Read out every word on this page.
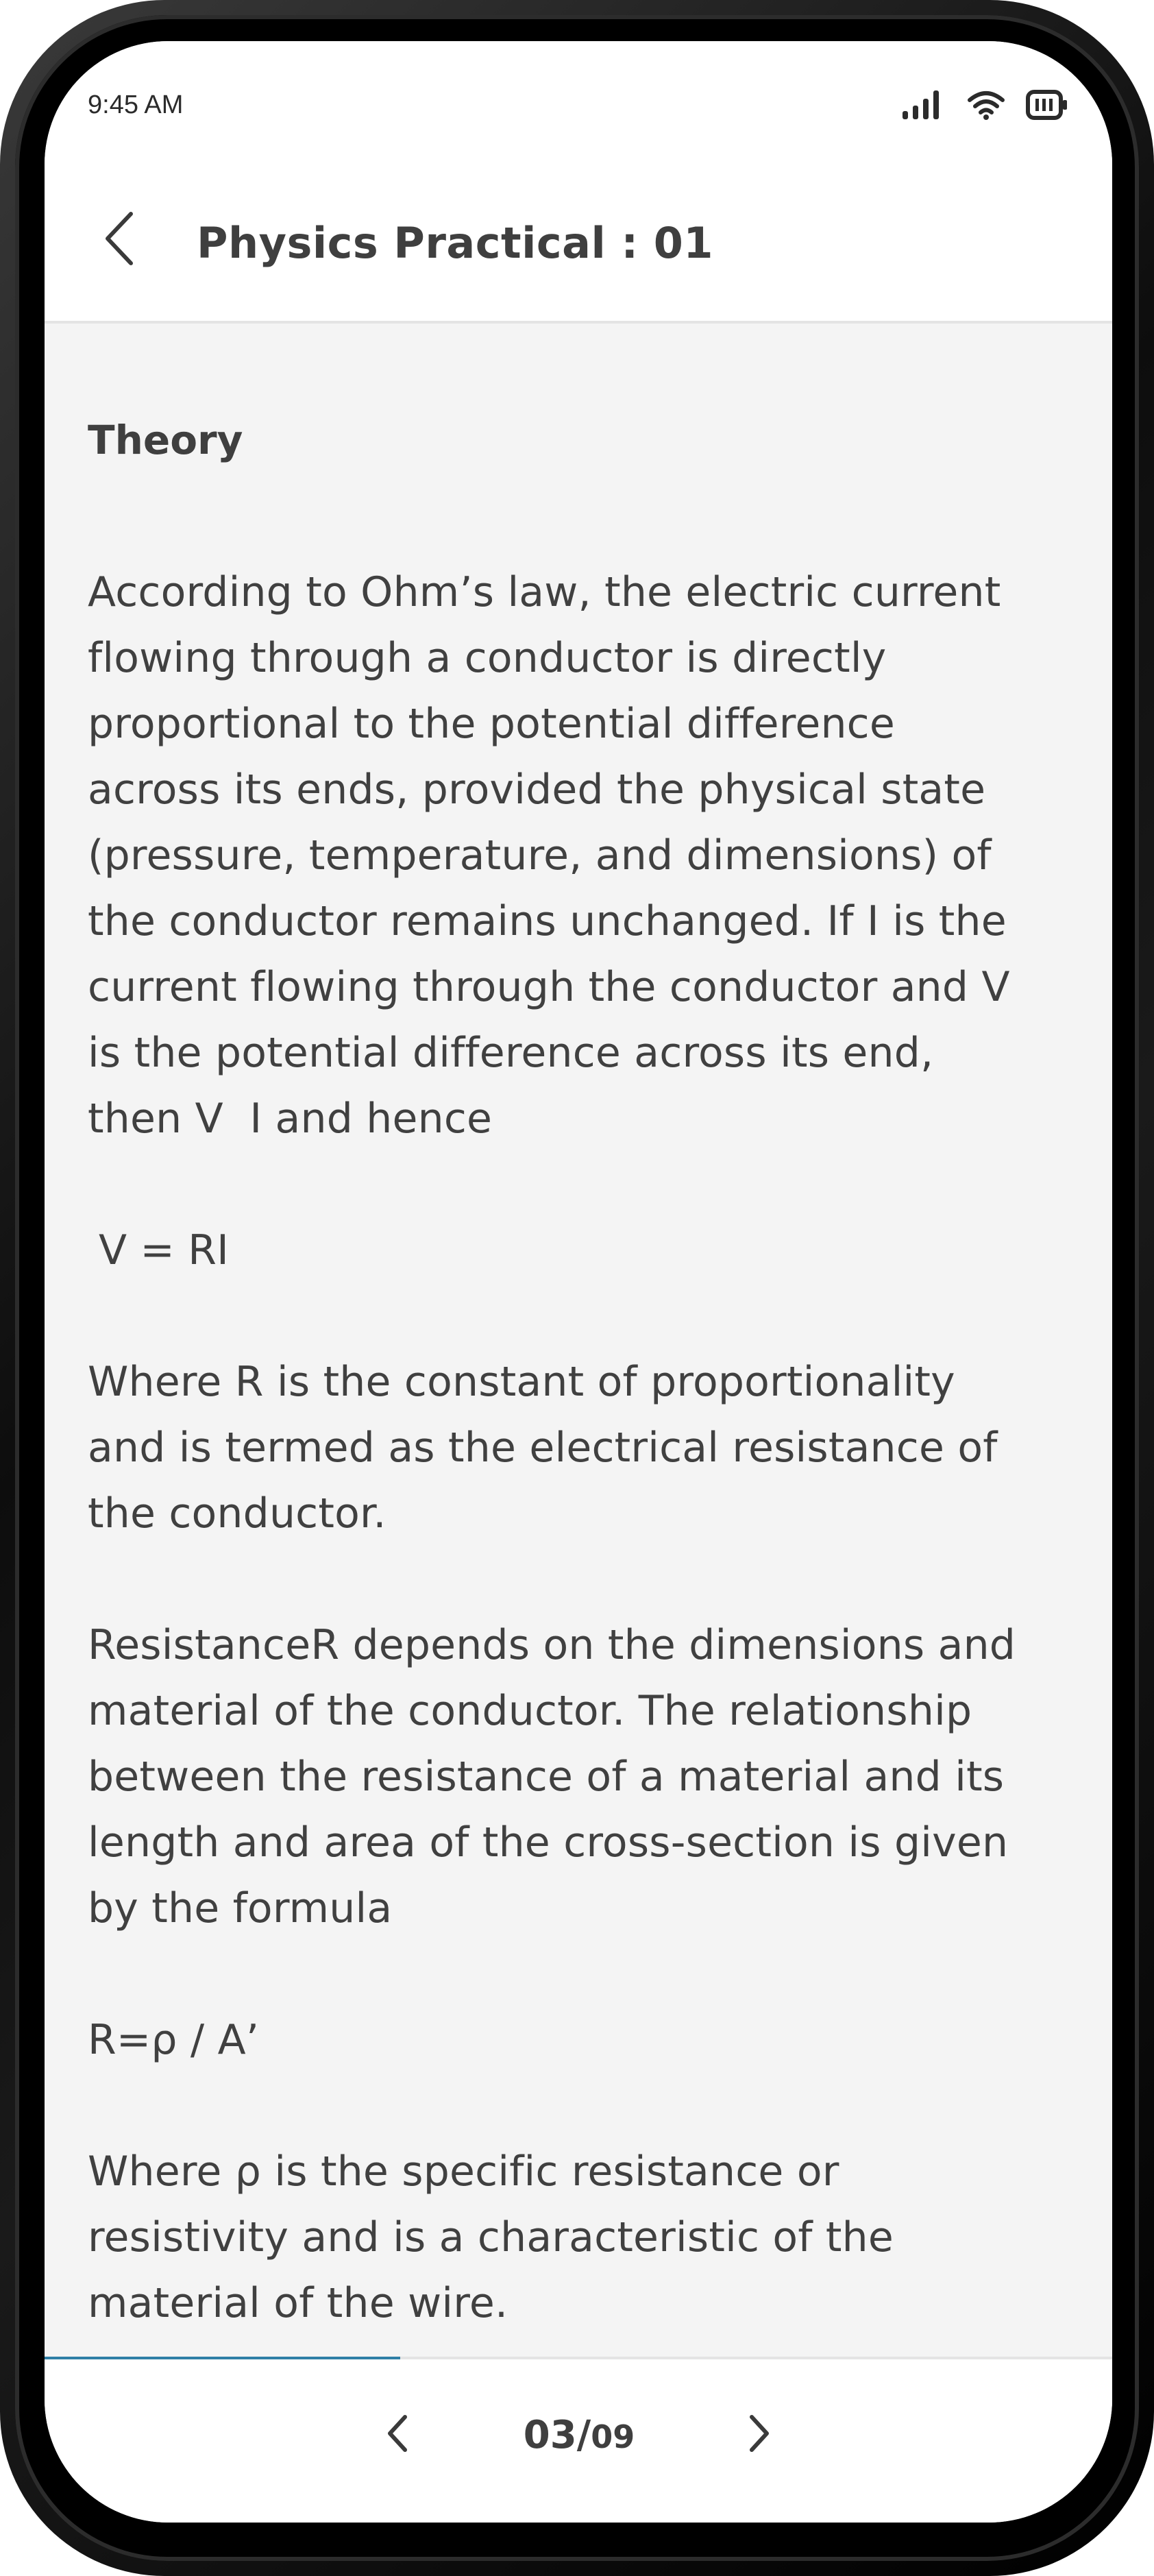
9:45 AM
Physics Practical : 01
Theory

According to Ohm’s law, the electric current
flowing through a conductor is directly
proportional to the potential difference
across its ends, provided the physical state
(pressure, temperature, and dimensions) of
the conductor remains unchanged. If I is the
current flowing through the conductor and V
is the potential difference across its end,
then V  I and hence

V = RI

Where R is the constant of proportionality
and is termed as the electrical resistance of
the conductor.

ResistanceR depends on the dimensions and
material of the conductor. The relationship
between the resistance of a material and its
length and area of the cross-section is given
by the formula

R=ρ / A’

Where ρ is the specific resistance or
resistivity and is a characteristic of the
material of the wire.

03/09
